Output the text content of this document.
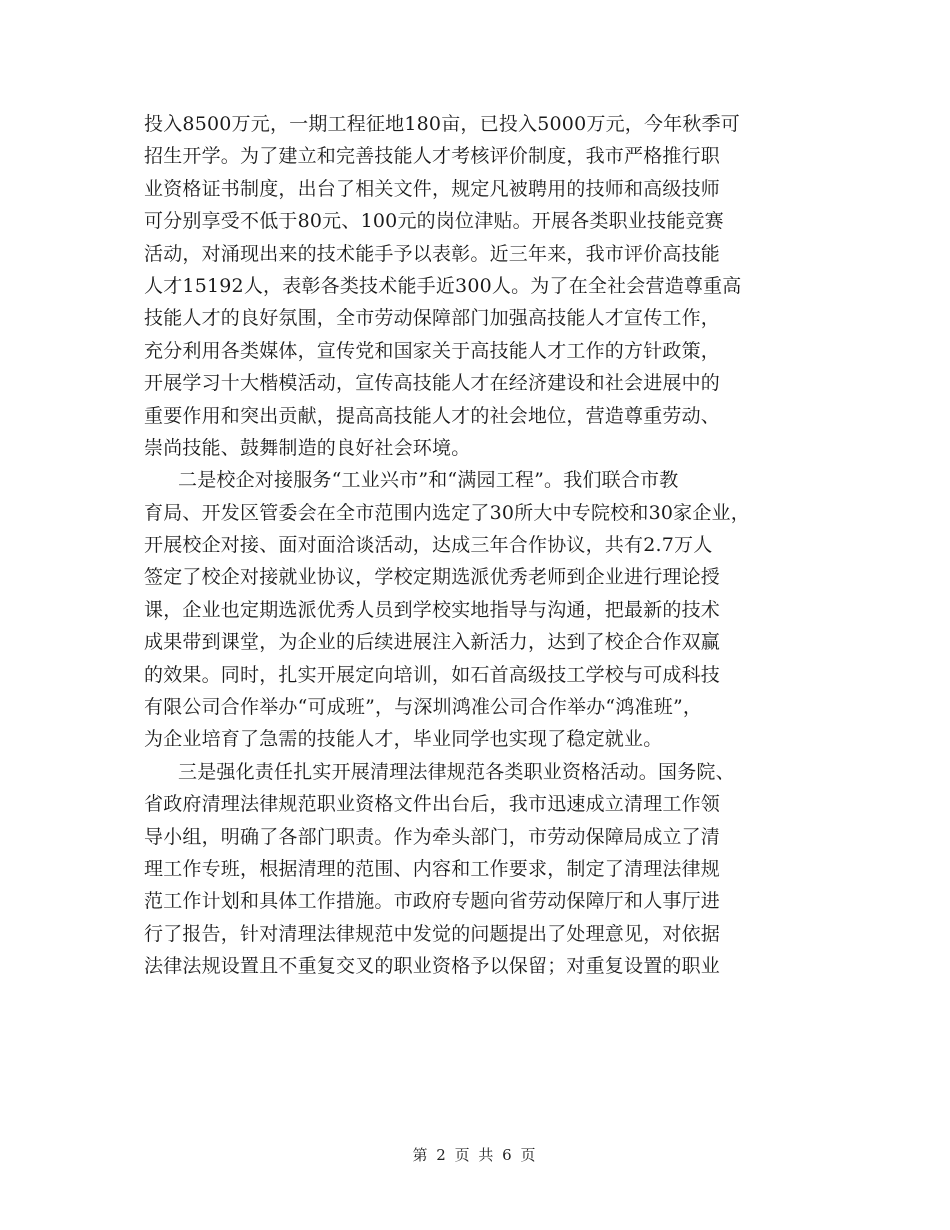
投入8500万元，一期工程征地180亩，已投入5000万元，今年秋季可
招生开学。为了建立和完善技能人才考核评价制度，我市严格推行职
业资格证书制度，出台了相关文件，规定凡被聘用的技师和高级技师
可分别享受不低于80元、100元的岗位津贴。开展各类职业技能竞赛
活动，对涌现出来的技术能手予以表彰。近三年来，我市评价高技能
人才15192人，表彰各类技术能手近300人。为了在全社会营造尊重高
技能人才的良好氛围，全市劳动保障部门加强高技能人才宣传工作，
充分利用各类媒体，宣传党和国家关于高技能人才工作的方针政策，
开展学习十大楷模活动，宣传高技能人才在经济建设和社会进展中的
重要作用和突出贡献，提高高技能人才的社会地位，营造尊重劳动、
崇尚技能、鼓舞制造的良好社会环境。
二是校企对接服务“工业兴市”和“满园工程”。我们联合市教
育局、开发区管委会在全市范围内选定了30所大中专院校和30家企业，
开展校企对接、面对面洽谈活动，达成三年合作协议，共有2.7万人
签定了校企对接就业协议，学校定期选派优秀老师到企业进行理论授
课，企业也定期选派优秀人员到学校实地指导与沟通，把最新的技术
成果带到课堂，为企业的后续进展注入新活力，达到了校企合作双赢
的效果。同时，扎实开展定向培训，如石首高级技工学校与可成科技
有限公司合作举办“可成班”，与深圳鸿准公司合作举办“鸿准班”，
为企业培育了急需的技能人才，毕业同学也实现了稳定就业。
三是强化责任扎实开展清理法律规范各类职业资格活动。国务院、
省政府清理法律规范职业资格文件出台后，我市迅速成立清理工作领
导小组，明确了各部门职责。作为牵头部门，市劳动保障局成立了清
理工作专班，根据清理的范围、内容和工作要求，制定了清理法律规
范工作计划和具体工作措施。市政府专题向省劳动保障厅和人事厅进
行了报告，针对清理法律规范中发觉的问题提出了处理意见，对依据
法律法规设置且不重复交叉的职业资格予以保留；对重复设置的职业
第 2 页 共 6 页
